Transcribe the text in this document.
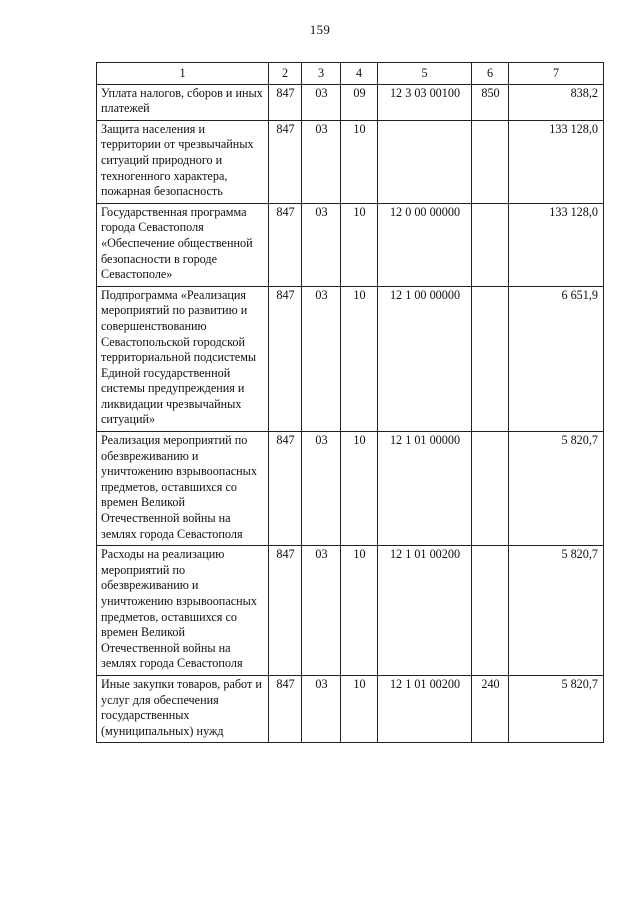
159
1	2	3	4	5	6	7
Уплата налогов, сборов и иных платежей	847	03	09	12 3 03 00100	850	838,2
Защита населения и территории от чрезвычайных ситуаций природного и техногенного характера, пожарная безопасность	847	03	10			133 128,0
Государственная программа города Севастополя «Обеспечение общественной безопасности в городе Севастополе»	847	03	10	12 0 00 00000		133 128,0
Подпрограмма «Реализация мероприятий по развитию и совершенствованию Севастопольской городской территориальной подсистемы Единой государственной системы предупреждения и ликвидации чрезвычайных ситуаций»	847	03	10	12 1 00 00000		6 651,9
Реализация мероприятий по обезвреживанию и уничтожению взрывоопасных предметов, оставшихся со времен Великой Отечественной войны на землях города Севастополя	847	03	10	12 1 01 00000		5 820,7
Расходы на реализацию мероприятий по обезвреживанию и уничтожению взрывоопасных предметов, оставшихся со времен Великой Отечественной войны на землях города Севастополя	847	03	10	12 1 01 00200		5 820,7
Иные закупки товаров, работ и услуг для обеспечения государственных (муниципальных) нужд	847	03	10	12 1 01 00200	240	5 820,7
